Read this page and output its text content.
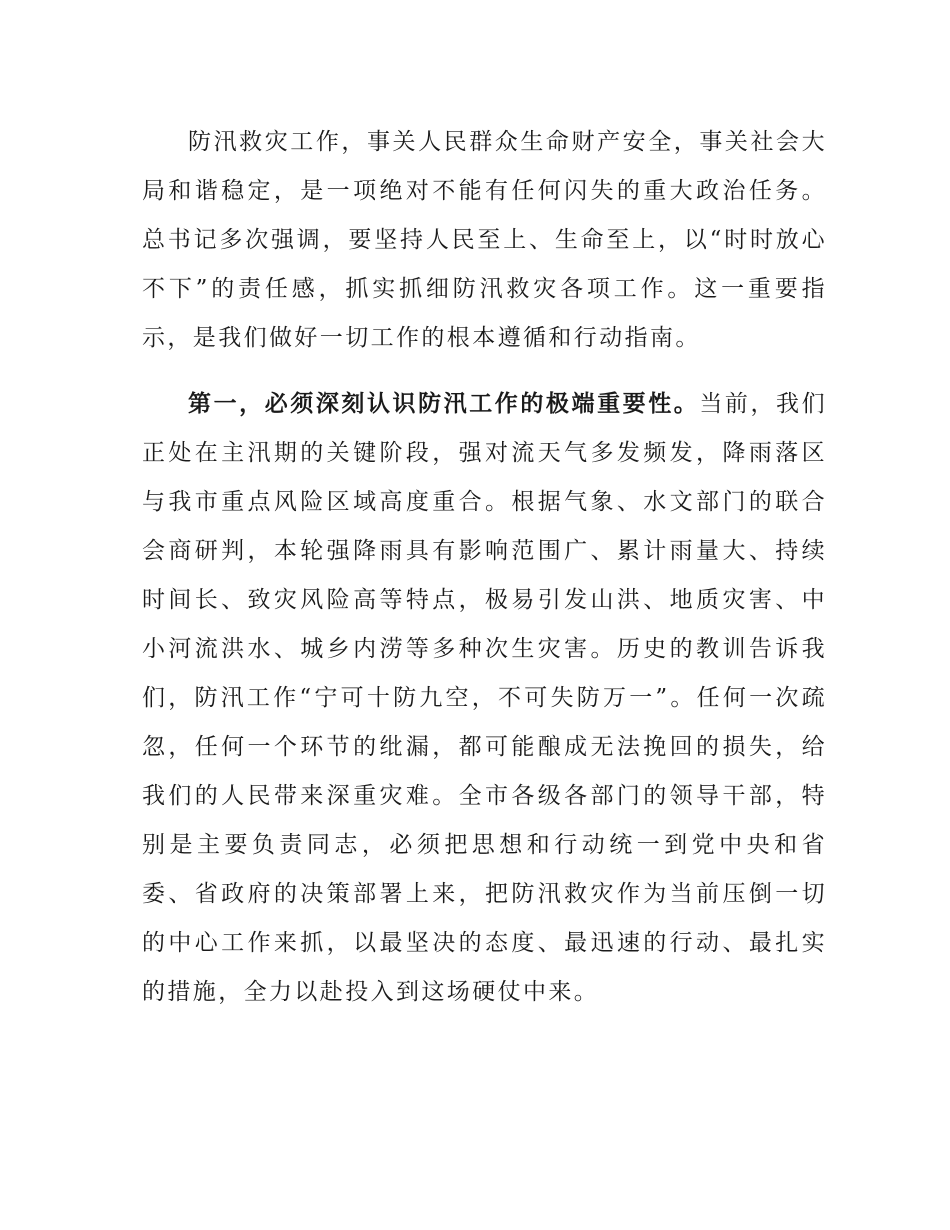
防汛救灾工作，事关人民群众生命财产安全，事关社会大局和谐稳定，是一项绝对不能有任何闪失的重大政治任务。总书记多次强调，要坚持人民至上、生命至上，以“时时放心不下”的责任感，抓实抓细防汛救灾各项工作。这一重要指示，是我们做好一切工作的根本遵循和行动指南。

第一，必须深刻认识防汛工作的极端重要性。当前，我们正处在主汛期的关键阶段，强对流天气多发频发，降雨落区与我市重点风险区域高度重合。根据气象、水文部门的联合会商研判，本轮强降雨具有影响范围广、累计雨量大、持续时间长、致灾风险高等特点，极易引发山洪、地质灾害、中小河流洪水、城乡内涝等多种次生灾害。历史的教训告诉我们，防汛工作“宁可十防九空，不可失防万一”。任何一次疏忽，任何一个环节的纰漏，都可能酿成无法挽回的损失，给我们的人民带来深重灾难。全市各级各部门的领导干部，特别是主要负责同志，必须把思想和行动统一到党中央和省委、省政府的决策部署上来，把防汛救灾作为当前压倒一切的中心工作来抓，以最坚决的态度、最迅速的行动、最扎实的措施，全力以赴投入到这场硬仗中来。
